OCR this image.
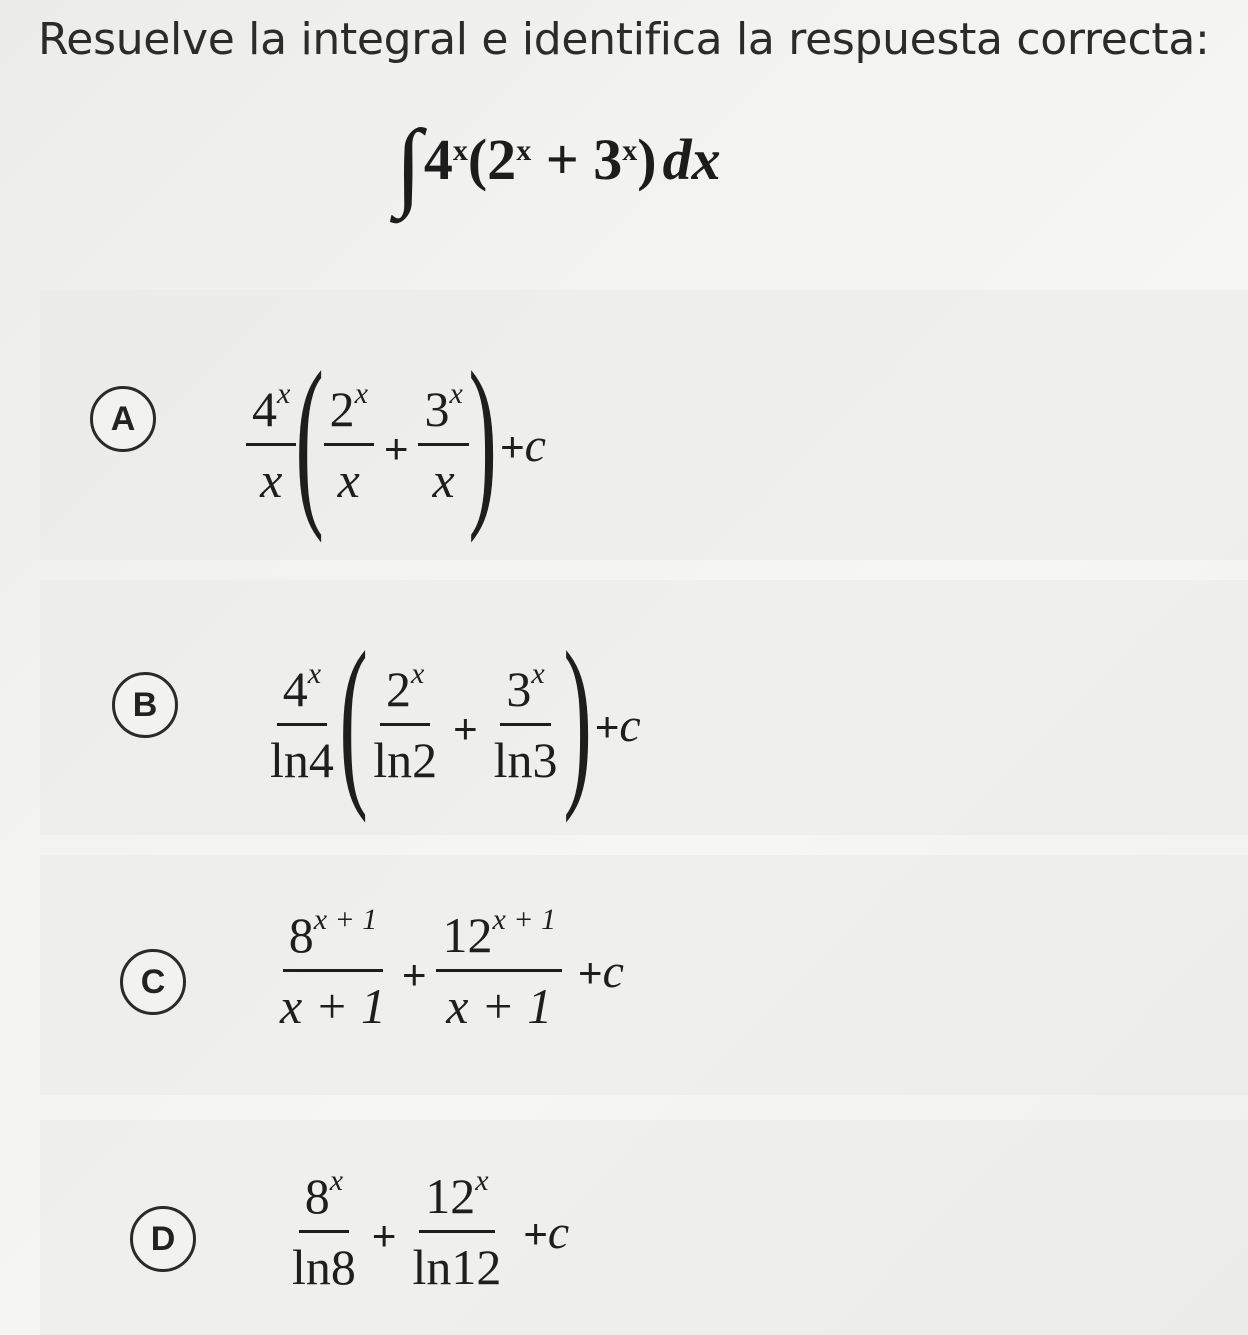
Resuelve la integral e identifica la respuesta correcta:
∫ 4$^x$ ($2^x + 3^x$ ) dx
A	$\frac{4^x}{x}$ ( $\frac{2^x}{x} + \frac{3^x}{x}$ ) +c
B	$\frac{4^x}{\ln 4}$ ( $\frac{2^x}{\ln 2} + \frac{3^x}{\ln 3}$ ) +c
C	$\frac{8^{x + 1}}{x + 1} + \frac{12^{x + 1}}{x + 1} +c$
D	$\frac{8^x}{\ln 8} + \frac{12^x}{\ln 12} +c$
